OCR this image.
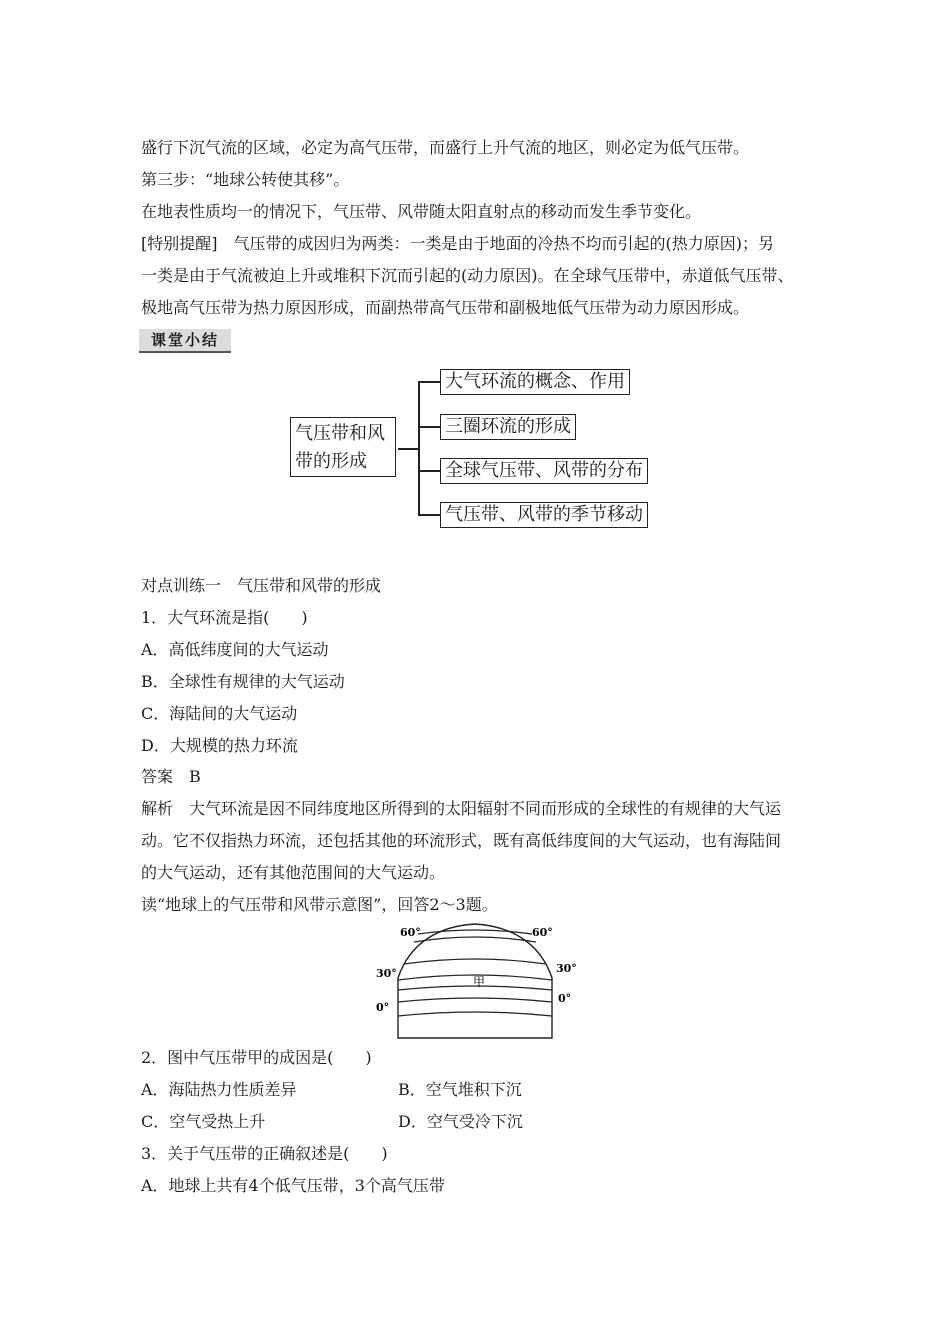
盛行下沉气流的区域，必定为高气压带，而盛行上升气流的地区，则必定为低气压带。
第三步：“地球公转使其移”。
在地表性质均一的情况下，气压带、风带随太阳直射点的移动而发生季节变化。
[特别提醒]　气压带的成因归为两类：一类是由于地面的冷热不均而引起的(热力原因)；另
一类是由于气流被迫上升或堆积下沉而引起的(动力原因)。在全球气压带中，赤道低气压带、
极地高气压带为热力原因形成，而副热带高气压带和副极地低气压带为动力原因形成。
课堂小结
气压带和风
带的形成
大气环流的概念、作用
三圈环流的形成
全球气压带、风带的分布
气压带、风带的季节移动
对点训练一　气压带和风带的形成
1．大气环流是指(　　)
A．高低纬度间的大气运动
B．全球性有规律的大气运动
C．海陆间的大气运动
D．大规模的热力环流
答案　B
解析　大气环流是因不同纬度地区所得到的太阳辐射不同而形成的全球性的有规律的大气运
动。它不仅指热力环流，还包括其他的环流形式，既有高低纬度间的大气运动，也有海陆间
的大气运动，还有其他范围间的大气运动。
读“地球上的气压带和风带示意图”，回答2～3题。
60°	60°
30°	30°
0°
0°
甲
2．图中气压带甲的成因是(　　)
A．海陆热力性质差异	B．空气堆积下沉
C．空气受热上升	D．空气受冷下沉
3．关于气压带的正确叙述是(　　)
A．地球上共有4个低气压带，3个高气压带
